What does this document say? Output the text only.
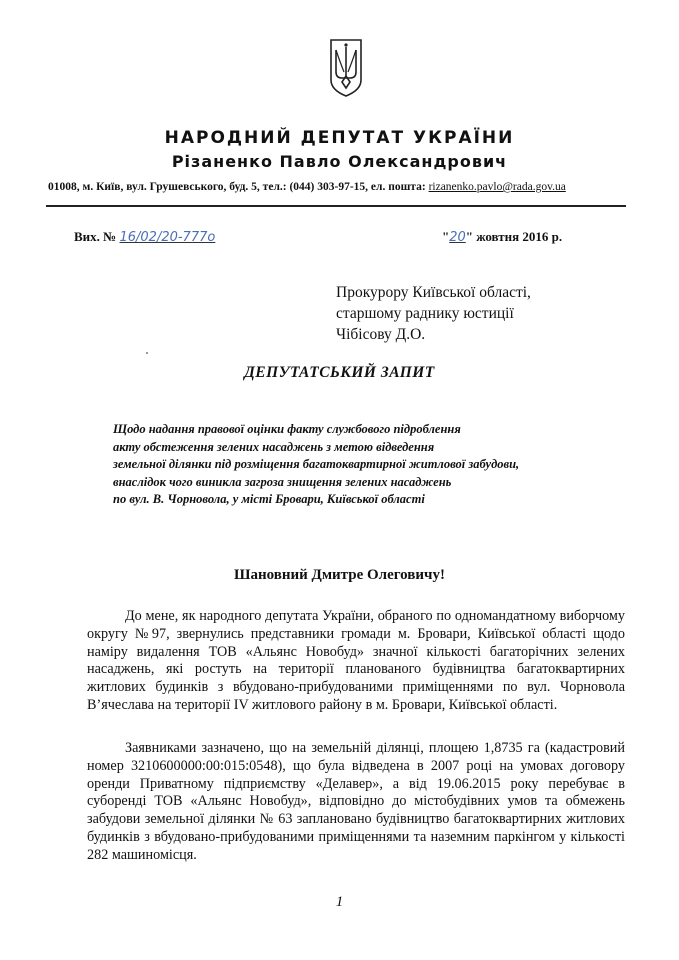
НАРОДНИЙ ДЕПУТАТ УКРАЇНИ
Різаненко Павло Олександрович
01008, м. Київ, вул. Грушевського, буд. 5, тел.: (044) 303-97-15, ел. пошта: rizanenko.pavlo@rada.gov.ua
Вих. № 16/02/20-777о	"20" жовтня 2016 р.
Прокурору Київської області,
старшому раднику юстиції
Чібісову Д.О.
ДЕПУТАТСЬКИЙ ЗАПИТ
Щодо надання правової оцінки факту службового підроблення
акту обстеження зелених насаджень з метою відведення
земельної ділянки під розміщення багатоквартирної житлової забудови,
внаслідок чого виникла загроза знищення зелених насаджень
по вул. В. Чорновола, у місті Бровари, Київської області
Шановний Дмитре Олеговичу!
До мене, як народного депутата України, обраного по одномандатному виборчому округу №97, звернулись представники громади м. Бровари, Київської області щодо наміру видалення ТОВ «Альянс Новобуд» значної кількості багаторічних зелених насаджень, які ростуть на території планованого будівництва багатоквартирних житлових будинків з вбудовано-прибудованими приміщеннями по вул. Чорновола В’ячеслава на території IV житлового району в м. Бровари, Київської області.
Заявниками зазначено, що на земельній ділянці, площею 1,8735 га (кадастровий номер 3210600000:00:015:0548), що була відведена в 2007 році на умовах договору оренди Приватному підприємству «Делавер», а від 19.06.2015 року перебуває в суборенді ТОВ «Альянс Новобуд», відповідно до містобудівних умов та обмежень забудови земельної ділянки № 63 заплановано будівництво багатоквартирних житлових будинків з вбудовано-прибудованими приміщеннями та наземним паркінгом у кількості 282 машиномісця.
1
